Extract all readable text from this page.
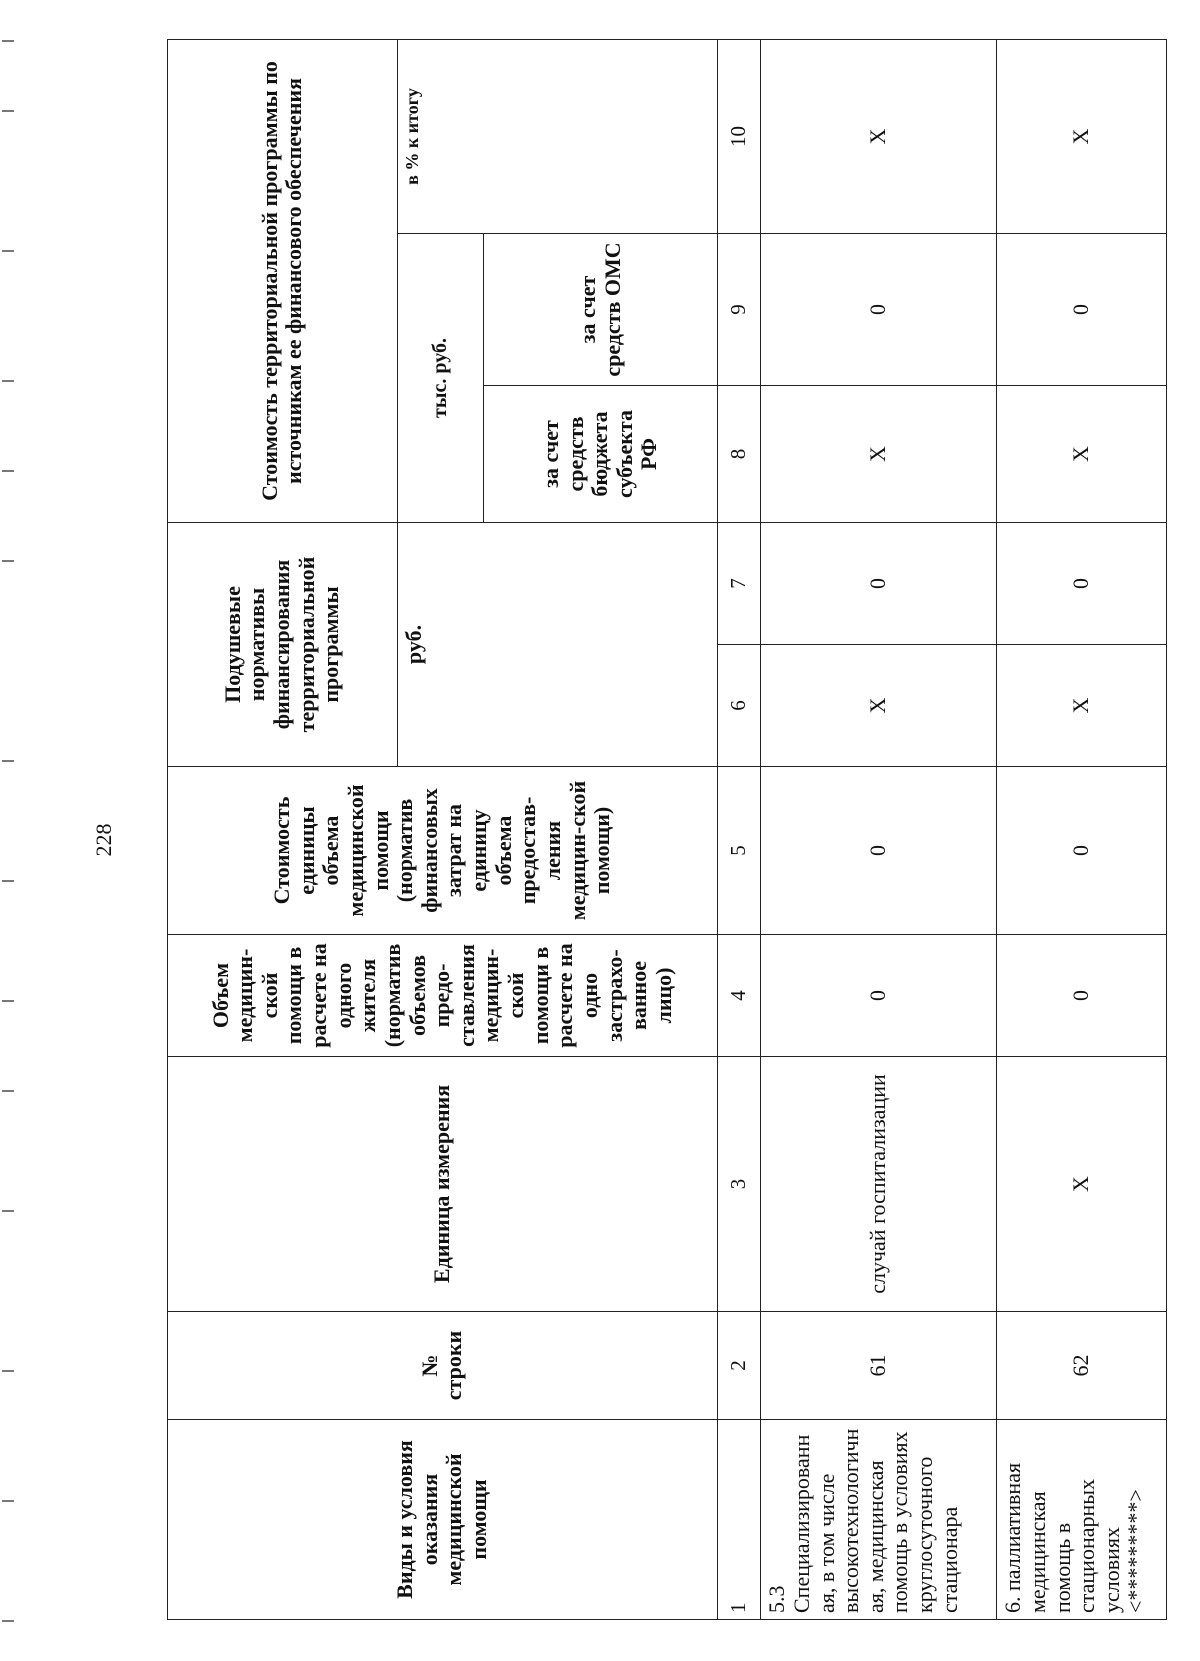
228
Виды и условия оказания медицинской помощи	№ строки	Единица измерения	Объем медицин-ской помощи в расчете на одного жителя (норматив объемов предо-ставления медицин-ской помощи в расчете на одно застрахо-ванное лицо)	Стоимость единицы объема медицинской помощи (норматив финансовых затрат на единицу объема предостав-ления медицин-ской помощи)	Подушевые нормативы финансирования территориальной программы		Стоимость территориальной программы по источникам ее финансового обеспечения		
					руб.		тыс. руб.		в % к итогу
							за счет средств бюджета субъекта РФ	за счет средств ОМС	
1	2	3	4	5	6	7	8	9	10
5.3 Специализированная, в том числе высокотехнологичная, медицинская помощь в условиях круглосуточного стационара	61	случай госпитализации	0	0	X	0	X	0	X
6. паллиативная медицинская помощь в стационарных условиях <*********>	62	X	0	0	X	0	X	0	X
